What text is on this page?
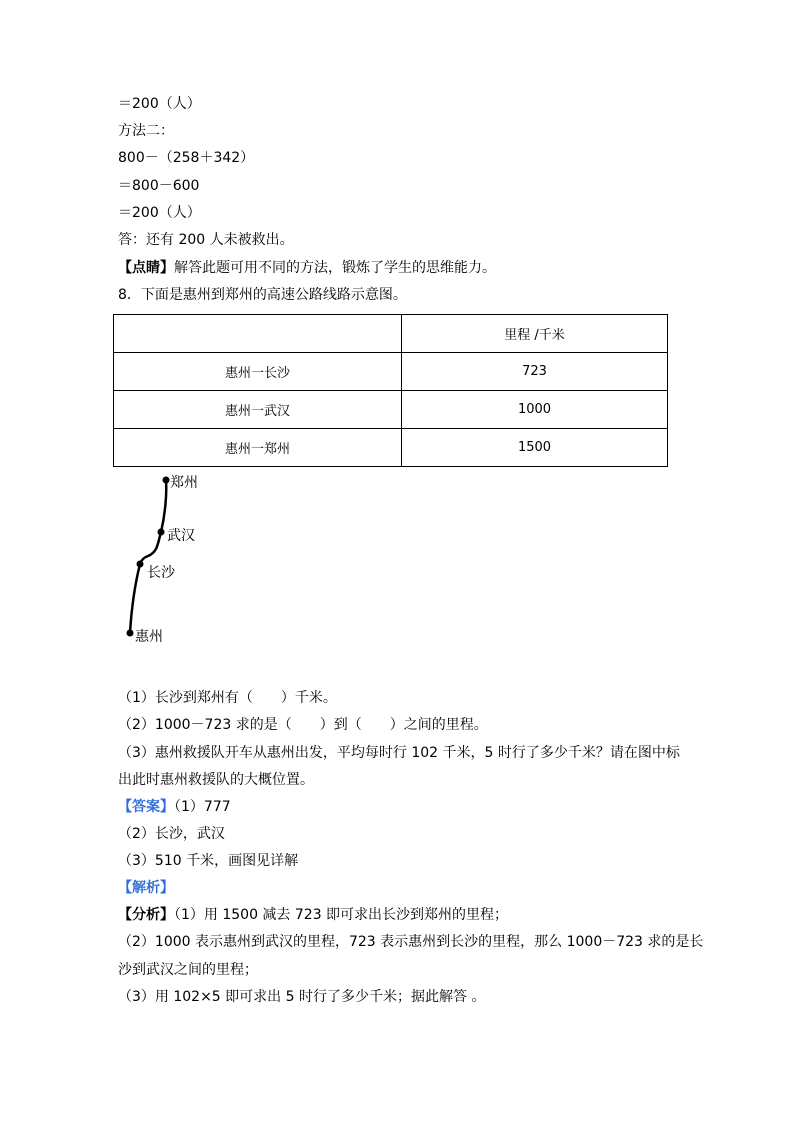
＝200（人）
方法二：
800－（258＋342）
＝800－600
＝200（人）
答：还有 200 人未被救出。
【点睛】解答此题可用不同的方法，锻炼了学生的思维能力。
8．下面是惠州到郑州的高速公路线路示意图。
	里程 /千米
惠州一长沙	723
惠州一武汉	1000
惠州一郑州	1500
郑州
武汉
长沙
惠州
（1）长沙到郑州有（　　）千米。
（2）1000－723 求的是（　　）到（　　）之间的里程。
（3）惠州救援队开车从惠州出发，平均每时行 102 千米，5 时行了多少千米？请在图中标
出此时惠州救援队的大概位置。
【答案】（1）777
（2）长沙，武汉
（3）510 千米，画图见详解
【解析】
【分析】（1）用 1500 减去 723 即可求出长沙到郑州的里程；
（2）1000 表示惠州到武汉的里程，723 表示惠州到长沙的里程，那么 1000－723 求的是长
沙到武汉之间的里程；
（3）用 102×5 即可求出 5 时行了多少千米；据此解答 。
